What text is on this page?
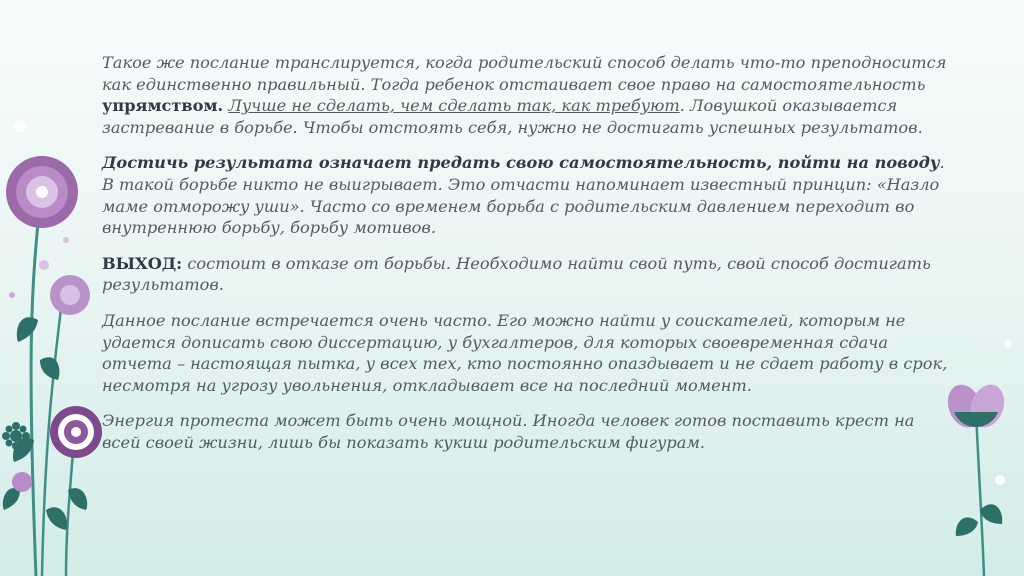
Такое же послание транслируется, когда родительский способ делать что-то преподносится как единственно правильный. Тогда ребенок отстаивает свое право на самостоятельность упрямством. Лучше не сделать, чем сделать так, как требуют. Ловушкой оказывается застревание в борьбе. Чтобы отстоять себя, нужно не достигать успешных результатов.

Достичь результата означает предать свою самостоятельность, пойти на поводу. В такой борьбе никто не выигрывает. Это отчасти напоминает известный принцип: «Назло маме отморожу уши». Часто со временем борьба с родительским давлением переходит во внутреннюю борьбу, борьбу мотивов.

ВЫХОД: состоит в отказе от борьбы. Необходимо найти свой путь, свой способ достигать результатов.

Данное послание встречается очень часто. Его можно найти у соискателей, которым не удается дописать свою диссертацию, у бухгалтеров, для которых своевременная сдача отчета – настоящая пытка, у всех тех, кто постоянно опаздывает и не сдает работу в срок, несмотря на угрозу увольнения, откладывает все на последний момент.

Энергия протеста может быть очень мощной. Иногда человек готов поставить крест на всей своей жизни, лишь бы показать кукиш родительским фигурам.
